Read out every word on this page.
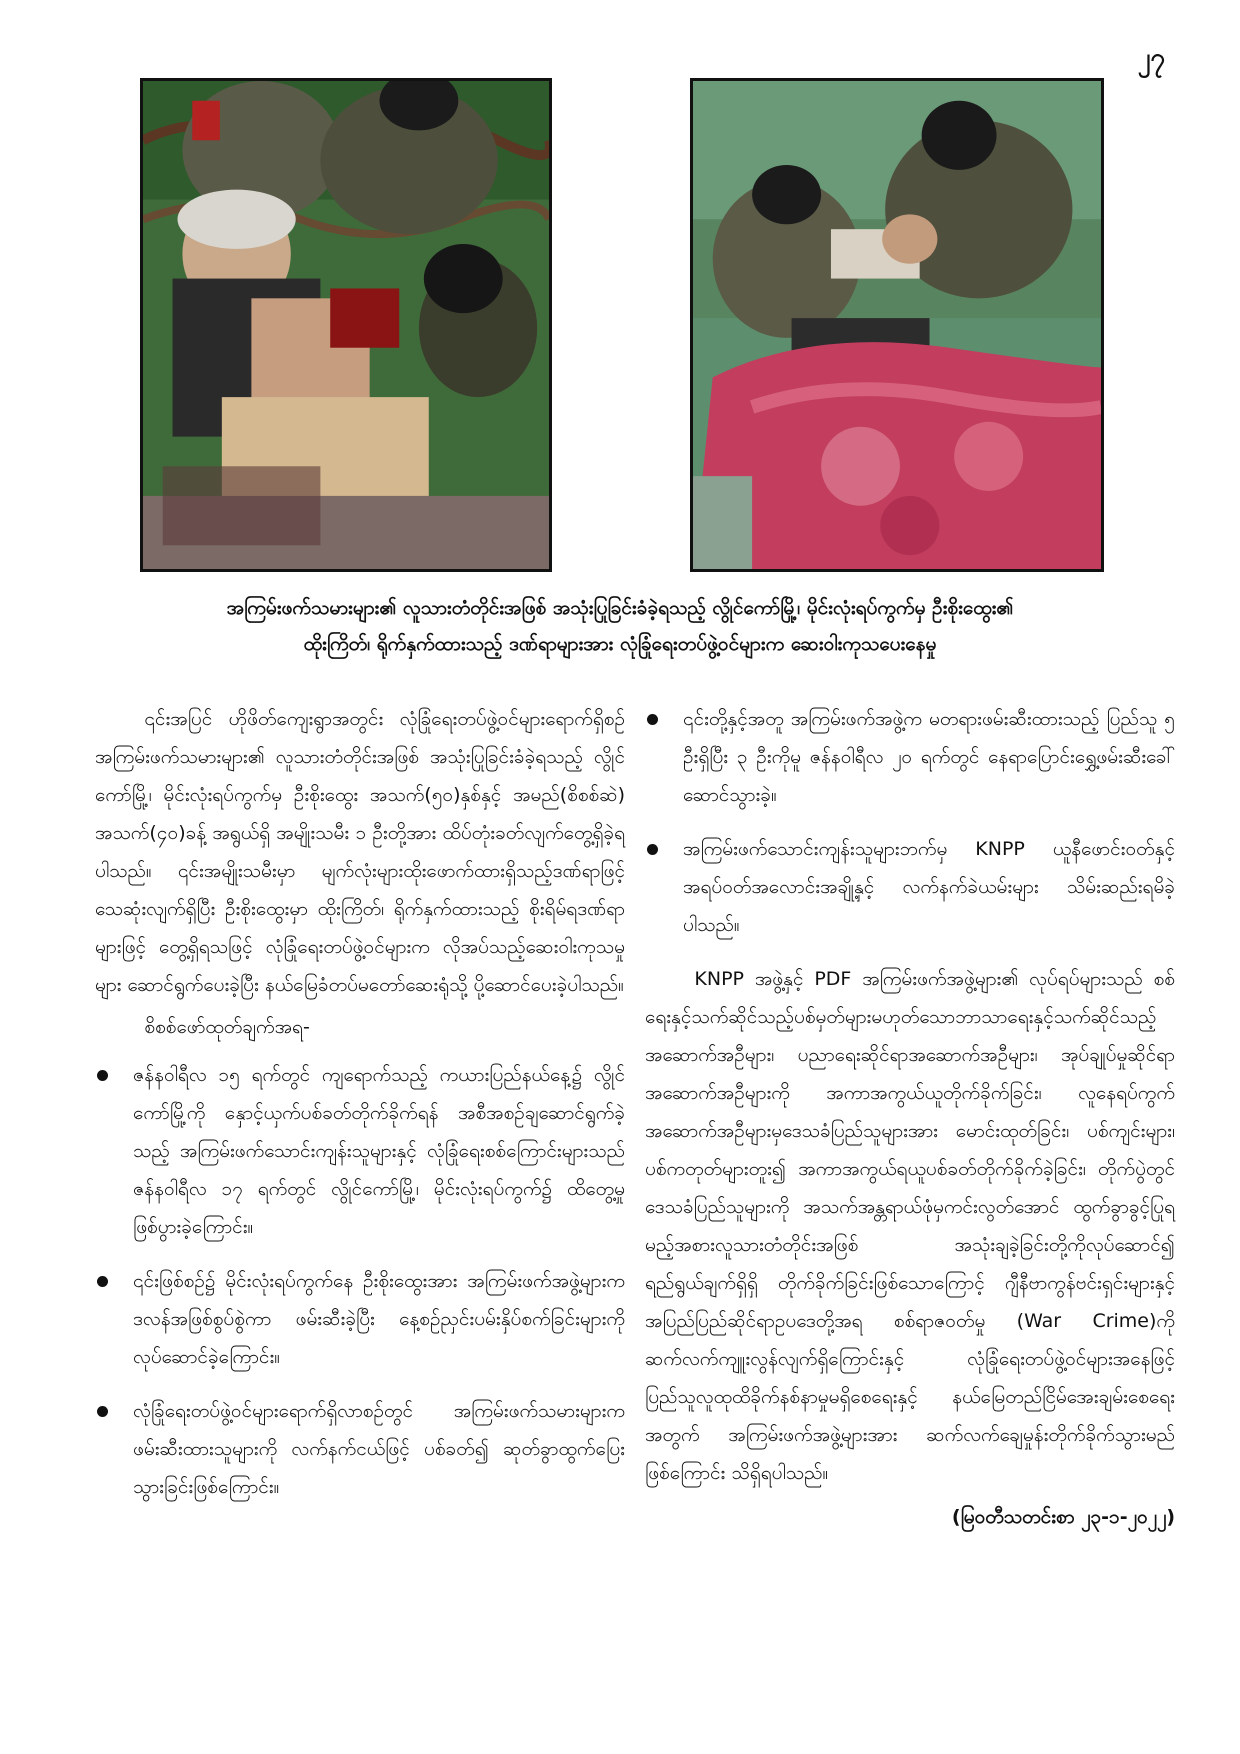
၂၇
အကြမ်းဖက်သမားများ၏ လူသားတံတိုင်းအဖြစ် အသုံးပြုခြင်းခံခဲ့ရသည့် လွိုင်ကော်မြို့၊ မိုင်းလုံးရပ်ကွက်မှ ဦးစိုးထွေး၏
ထိုးကြိတ်၊ ရိုက်နှက်ထားသည့် ဒဏ်ရာများအား လုံခြုံရေးတပ်ဖွဲ့ဝင်များက ဆေးဝါးကုသပေးနေမှု

၎င်းအပြင် ဟိုဖိတ်ကျေးရွာအတွင်း လုံခြုံရေးတပ်ဖွဲ့ဝင်များရောက်ရှိစဉ် အကြမ်းဖက်သမားများ၏ လူသားတံတိုင်းအဖြစ် အသုံးပြုခြင်းခံခဲ့ရသည့် လွိုင်ကော်မြို့၊ မိုင်းလုံးရပ်ကွက်မှ ဦးစိုးထွေး အသက်(၅၀)နှစ်နှင့် အမည်(စိစစ်ဆဲ) အသက်(၄၀)ခန့် အရွယ်ရှိ အမျိုးသမီး ၁ ဦးတို့အား ထိပ်တုံးခတ်လျက်တွေ့ရှိခဲ့ရပါသည်။ ၎င်းအမျိုးသမီးမှာ မျက်လုံးများထိုးဖောက်ထားရှိသည့်ဒဏ်ရာဖြင့် သေဆုံးလျက်ရှိပြီး ဦးစိုးထွေးမှာ ထိုးကြိတ်၊ ရိုက်နှက်ထားသည့် စိုးရိမ်ရဒဏ်ရာများဖြင့် တွေ့ရှိရသဖြင့် လုံခြုံရေးတပ်ဖွဲ့ဝင်များက လိုအပ်သည့်ဆေးဝါးကုသမှုများ ဆောင်ရွက်ပေးခဲ့ပြီး နယ်မြေခံတပ်မတော်ဆေးရုံသို့ ပို့ဆောင်ပေးခဲ့ပါသည်။

စိစစ်ဖော်ထုတ်ချက်အရ-

ဇန်နဝါရီလ ၁၅ ရက်တွင် ကျရောက်သည့် ကယားပြည်နယ်နေ့၌ လွိုင်ကော်မြို့ကို နှောင့်ယှက်ပစ်ခတ်တိုက်ခိုက်ရန် အစီအစဉ်ချဆောင်ရွက်ခဲ့သည့် အကြမ်းဖက်သောင်းကျန်းသူများနှင့် လုံခြုံရေးစစ်ကြောင်းများသည် ဇန်နဝါရီလ ၁၇ ရက်တွင် လွိုင်ကော်မြို့၊ မိုင်းလုံးရပ်ကွက်၌ ထိတွေ့မှုဖြစ်ပွားခဲ့ကြောင်း။
၎င်းဖြစ်စဉ်၌ မိုင်းလုံးရပ်ကွက်နေ ဦးစိုးထွေးအား အကြမ်းဖက်အဖွဲ့များက ဒလန်အဖြစ်စွပ်စွဲကာ ဖမ်းဆီးခဲ့ပြီး နေ့စဉ်ညှင်းပမ်းနှိပ်စက်ခြင်းများကို လုပ်ဆောင်ခဲ့ကြောင်း။
လုံခြုံရေးတပ်ဖွဲ့ဝင်များရောက်ရှိလာစဉ်တွင် အကြမ်းဖက်သမားများက ဖမ်းဆီးထားသူများကို လက်နက်ငယ်ဖြင့် ပစ်ခတ်၍ ဆုတ်ခွာထွက်ပြေးသွားခြင်းဖြစ်ကြောင်း။
၎င်းတို့နှင့်အတူ အကြမ်းဖက်အဖွဲ့က မတရားဖမ်းဆီးထားသည့် ပြည်သူ ၅ ဦးရှိပြီး ၃ ဦးကိုမူ ဇန်နဝါရီလ ၂၀ ရက်တွင် နေရာပြောင်းရွှေ့ဖမ်းဆီးခေါ်ဆောင်သွားခဲ့။
အကြမ်းဖက်သောင်းကျန်းသူများဘက်မှ KNPP ယူနီဖောင်းဝတ်နှင့် အရပ်ဝတ်အလောင်းအချို့နှင့် လက်နက်ခဲယမ်းများ သိမ်းဆည်းရမိခဲ့ပါသည်။

KNPP အဖွဲ့နှင့် PDF အကြမ်းဖက်အဖွဲ့များ၏ လုပ်ရပ်များသည် စစ်ရေးနှင့်သက်ဆိုင်သည့်ပစ်မှတ်များမဟုတ်သောဘာသာရေးနှင့်သက်ဆိုင်သည့် အဆောက်အဦများ၊ ပညာရေးဆိုင်ရာအဆောက်အဦများ၊ အုပ်ချုပ်မှုဆိုင်ရာအဆောက်အဦများကို အကာအကွယ်ယူတိုက်ခိုက်ခြင်း၊ လူနေရပ်ကွက်အဆောက်အဦများမှဒေသခံပြည်သူများအား မောင်းထုတ်ခြင်း၊ ပစ်ကျင်းများ၊ ပစ်ကတုတ်များတူး၍ အကာအကွယ်ရယူပစ်ခတ်တိုက်ခိုက်ခဲ့ခြင်း၊ တိုက်ပွဲတွင် ဒေသခံပြည်သူများကို အသက်အန္တရာယ်ဖုံမှကင်းလွတ်အောင် ထွက်ခွာခွင့်ပြုရမည့်အစားလူသားတံတိုင်းအဖြစ် အသုံးချခဲ့ခြင်းတို့ကိုလုပ်ဆောင်၍ ရည်ရွယ်ချက်ရှိရှိ တိုက်ခိုက်ခြင်းဖြစ်သောကြောင့် ဂျီနီဗာကွန်ဗင်းရှင်းများနှင့် အပြည်ပြည်ဆိုင်ရာဥပဒေတို့အရ စစ်ရာဇဝတ်မှု (War Crime)ကို ဆက်လက်ကျူးလွန်လျက်ရှိကြောင်းနှင့် လုံခြုံရေးတပ်ဖွဲ့ဝင်များအနေဖြင့် ပြည်သူလူထုထိခိုက်နစ်နာမှုမရှိစေရေးနှင့် နယ်မြေတည်ငြိမ်အေးချမ်းစေရေးအတွက် အကြမ်းဖက်အဖွဲ့များအား ဆက်လက်ချေမှုန်းတိုက်ခိုက်သွားမည်ဖြစ်ကြောင်း သိရှိရပါသည်။

(မြဝတီသတင်းစာ ၂၃-၁-၂၀၂၂)
